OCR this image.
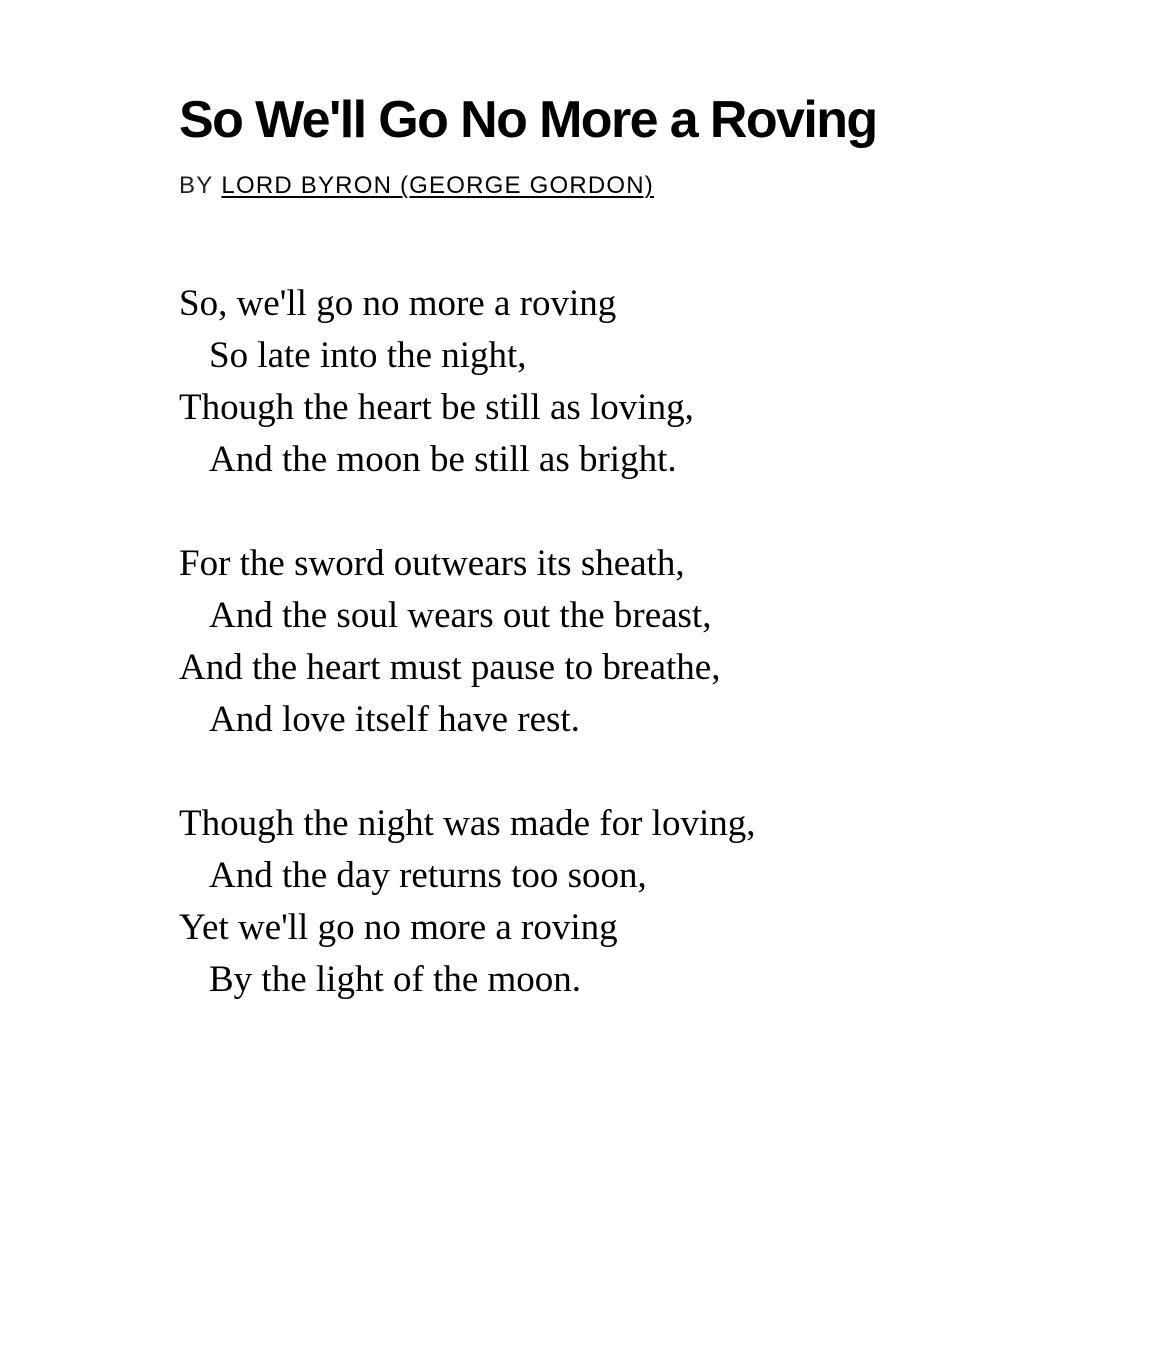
So We'll Go No More a Roving
BY LORD BYRON (GEORGE GORDON)
So, we'll go no more a roving
So late into the night,
Though the heart be still as loving,
And the moon be still as bright.
For the sword outwears its sheath,
And the soul wears out the breast,
And the heart must pause to breathe,
And love itself have rest.
Though the night was made for loving,
And the day returns too soon,
Yet we'll go no more a roving
By the light of the moon.
